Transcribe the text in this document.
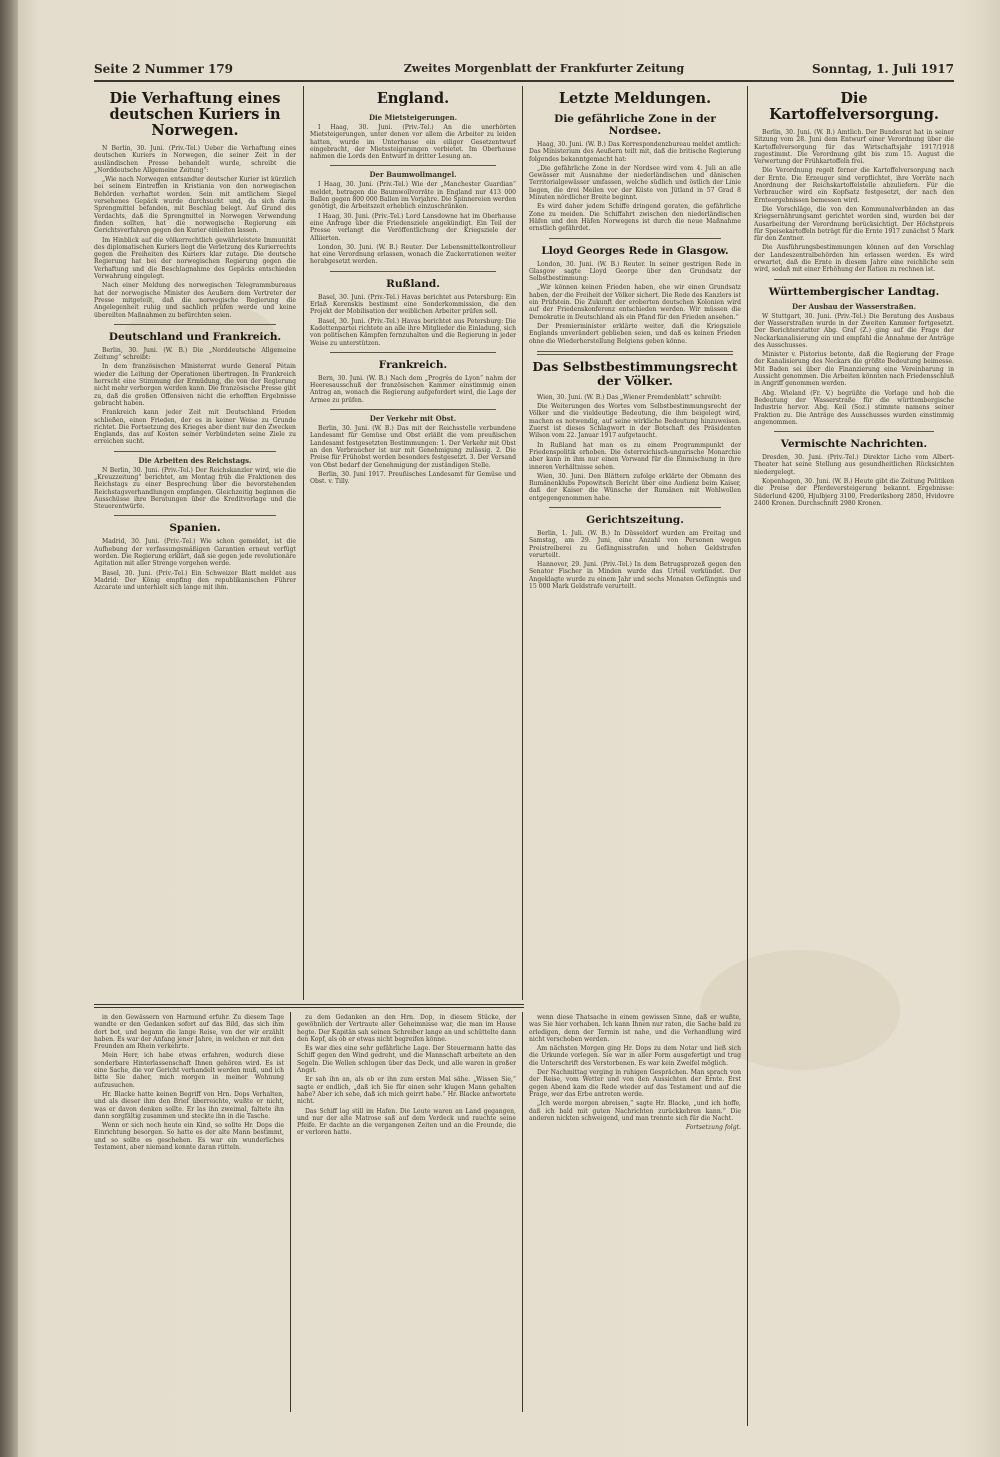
Seite 2 Nummer 179	Zweites Morgenblatt der Frankfurter Zeitung	Sonntag, 1. Juli 1917
Die Verhaftung eines deutschen Kuriers in Norwegen.

N Berlin, 30. Juni. (Priv.-Tel.) Ueber die Verhaftung eines deutschen Kuriers in Norwegen, die seiner Zeit in der ausländischen Presse behandelt wurde, schreibt die „Norddeutsche Allgemeine Zeitung“:

„Wie nach Norwegen entsandter deutscher Kurier ist kürzlich bei seinem Eintreffen in Kristiania von den norwegischen Behörden verhaftet worden. Sein mit amtlichem Siegel versehenes Gepäck wurde durchsucht und, da sich darin Sprengmittel befanden, mit Beschlag belegt. Auf Grund des Verdachts, daß die Sprengmittel in Norwegen Verwendung finden sollten, hat die norwegische Regierung ein Gerichtsverfahren gegen den Kurier einleiten lassen.

Im Hinblick auf die völkerrechtlich gewährleistete Immunität des diplomatischen Kuriers liegt die Verletzung des Kurierrechts gegen die Freiheiten des Kuriers klar zutage. Die deutsche Regierung hat bei der norwegischen Regierung gegen die Verhaftung und die Beschlagnahme des Gepäcks entschieden Verwahrung eingelegt.

Nach einer Meldung des norwegischen Telegrammbureaus hat der norwegische Minister des Aeußern dem Vertreter der Presse mitgeteilt, daß die norwegische Regierung die Angelegenheit ruhig und sachlich prüfen werde und keine übereilten Maßnahmen zu befürchten seien.

Deutschland und Frankreich.

Berlin, 30. Juni. (W. B.) Die „Norddeutsche Allgemeine Zeitung“ schreibt:

In dem französischen Ministerrat wurde General Pétain wieder die Leitung der Operationen übertragen. In Frankreich herrscht eine Stimmung der Ermüdung, die von der Regierung nicht mehr verborgen werden kann. Die französische Presse gibt zu, daß die großen Offensiven nicht die erhofften Ergebnisse gebracht haben.

Frankreich kann jeder Zeit mit Deutschland Frieden schließen, einen Frieden, der es in keiner Weise zu Grunde richtet. Die Fortsetzung des Krieges aber dient nur den Zwecken Englands, das auf Kosten seiner Verbündeten seine Ziele zu erreichen sucht.

Die Arbeiten des Reichstags.

N Berlin, 30. Juni. (Priv.-Tel.) Der Reichskanzler wird, wie die „Kreuzzeitung“ berichtet, am Montag früh die Fraktionen des Reichstags zu einer Besprechung über die bevorstehenden Reichstagsverhandlungen empfangen. Gleichzeitig beginnen die Ausschüsse ihre Beratungen über die Kreditvorlage und die Steuerentwürfe.

Spanien.

Madrid, 30. Juni. (Priv.-Tel.) Wie schon gemeldet, ist die Aufhebung der verfassungsmäßigen Garantien erneut verfügt worden. Die Regierung erklärt, daß sie gegen jede revolutionäre Agitation mit aller Strenge vorgehen werde.

Basel, 30. Juni. (Priv.-Tel.) Ein Schweizer Blatt meldet aus Madrid: Der König empfing den republikanischen Führer Azcarate und unterhielt sich lange mit ihm.

England.
Die Mietsteigerungen.

I Haag, 30. Juni. (Priv.-Tel.) An die unerhörten Mietsteigerungen, unter denen vor allem die Arbeiter zu leiden hatten, wurde im Unterhause ein eiliger Gesetzentwurf eingebracht, der Mietssteigerungen verbietet. Im Oberhause nahmen die Lords den Entwurf in dritter Lesung an.

Der Baumwollmangel.

I Haag, 30. Juni. (Priv.-Tel.) Wie der „Manchester Guardian“ meldet, betragen die Baumwollvorräte in England nur 413 000 Ballen gegen 800 000 Ballen im Vorjahre. Die Spinnereien werden genötigt, die Arbeitszeit erheblich einzuschränken.

I Haag, 30. Juni. (Priv.-Tel.) Lord Lansdowne hat im Oberhause eine Anfrage über die Friedensziele angekündigt. Ein Teil der Presse verlangt die Veröffentlichung der Kriegsziele der Alliierten.

London, 30. Juni. (W. B.) Reuter. Der Lebensmittelkontrolleur hat eine Verordnung erlassen, wonach die Zuckerrationen weiter herabgesetzt werden.

Rußland.

Basel, 30. Juni. (Priv.-Tel.) Havas berichtet aus Petersburg: Ein Erlaß Kerenskis bestimmt eine Sonderkommission, die den Projekt der Mobilisation der weiblichen Arbeiter prüfen soll.

Basel, 30. Juni. (Priv.-Tel.) Havas berichtet aus Petersburg: Die Kadettenpartei richtete an alle ihre Mitglieder die Einladung, sich von politischen Kämpfen fernzuhalten und die Regierung in jeder Weise zu unterstützen.

Frankreich.

Bern, 30. Juni. (W. B.) Nach dem „Progrès de Lyon“ nahm der Heeresausschuß der französischen Kammer einstimmig einen Antrag an, wonach die Regierung aufgefordert wird, die Lage der Armee zu prüfen.

Der Verkehr mit Obst.

Berlin, 30. Juni. (W. B.) Das mit der Reichsstelle verbundene Landesamt für Gemüse und Obst erläßt die vom preußischen Landesamt festgesetzten Bestimmungen: 1. Der Verkehr mit Obst an den Verbraucher ist nur mit Genehmigung zulässig. 2. Die Preise für Frühobst werden besonders festgesetzt. 3. Der Versand von Obst bedarf der Genehmigung der zuständigen Stelle.

Berlin, 30. Juni 1917. Preußisches Landesamt für Gemüse und Obst. v. Tilly.

Letzte Meldungen.
Die gefährliche Zone in der Nordsee.

Haag, 30. Juni. (W. B.) Das Korrespondenzbureau meldet amtlich: Das Ministerium des Aeußern teilt mit, daß die britische Regierung folgendes bekanntgemacht hat:

„Die gefährliche Zone in der Nordsee wird vom 4. Juli an alle Gewässer mit Ausnahme der niederländischen und dänischen Territorialgewässer umfassen, welche südlich und östlich der Linie liegen, die drei Meilen vor der Küste von Jütland in 57 Grad 8 Minuten nördlicher Breite beginnt.

Es wird daher jedem Schiffe dringend geraten, die gefährliche Zone zu meiden. Die Schiffahrt zwischen den niederländischen Häfen und den Häfen Norwegens ist durch die neue Maßnahme ernstlich gefährdet.

Lloyd Georges Rede in Glasgow.

London, 30. Juni. (W. B.) Reuter. In seiner gestrigen Rede in Glasgow sagte Lloyd George über den Grundsatz der Selbstbestimmung:

„Wir können keinen Frieden haben, ehe wir einen Grundsatz haben, der die Freiheit der Völker sichert. Die Rede des Kanzlers ist ein Prüfstein. Die Zukunft der eroberten deutschen Kolonien wird auf der Friedenskonferenz entschieden werden. Wir müssen die Demokratie in Deutschland als ein Pfand für den Frieden ansehen.“

Der Premierminister erklärte weiter, daß die Kriegsziele Englands unverändert geblieben seien, und daß es keinen Frieden ohne die Wiederherstellung Belgiens geben könne.

Das Selbstbestimmungsrecht der Völker.

Wien, 30. Juni. (W. B.) Das „Wiener Fremdenblatt“ schreibt:

Die Weiterungen des Wortes vom Selbstbestimmungsrecht der Völker und die vieldeutige Bedeutung, die ihm beigelegt wird, machen es notwendig, auf seine wirkliche Bedeutung hinzuweisen. Zuerst ist dieses Schlagwort in der Botschaft des Präsidenten Wilson vom 22. Januar 1917 aufgetaucht.

In Rußland hat man es zu einem Programmpunkt der Friedenspolitik erhoben. Die österreichisch-ungarische Monarchie aber kann in ihm nur einen Vorwand für die Einmischung in ihre inneren Verhältnisse sehen.

Wien, 30. Juni. Den Blättern zufolge erklärte der Obmann des Rumänenklubs Popowitsch Bericht über eine Audienz beim Kaiser, daß der Kaiser die Wünsche der Rumänen mit Wohlwollen entgegengenommen habe.

Gerichtszeitung.

Berlin, 1. Juli. (W. B.) In Düsseldorf wurden am Freitag und Samstag, am 29. Juni, eine Anzahl von Personen wegen Preistreiberei zu Gefängnisstrafen und hohen Geldstrafen verurteilt.

Hannover, 29. Juni. (Priv.-Tel.) In dem Betrugsprozeß gegen den Senator Fischer in Minden wurde das Urteil verkündet. Der Angeklagte wurde zu einem Jahr und sechs Monaten Gefängnis und 15 000 Mark Geldstrafe verurteilt.

Die Kartoffelversorgung.

Berlin, 30. Juni. (W. B.) Amtlich. Der Bundesrat hat in seiner Sitzung vom 28. Juni dem Entwurf einer Verordnung über die Kartoffelversorgung für das Wirtschaftsjahr 1917/1918 zugestimmt. Die Verordnung gibt bis zum 15. August die Verwertung der Frühkartoffeln frei.

Die Verordnung regelt ferner die Kartoffelversorgung nach der Ernte. Die Erzeuger sind verpflichtet, ihre Vorräte nach Anordnung der Reichskartoffelstelle abzuliefern. Für die Verbraucher wird ein Kopfsatz festgesetzt, der nach den Ernteergebnissen bemessen wird.

Die Vorschläge, die von den Kommunalverbänden an das Kriegsernährungsamt gerichtet worden sind, wurden bei der Ausarbeitung der Verordnung berücksichtigt. Der Höchstpreis für Speisekartoffeln beträgt für die Ernte 1917 zunächst 5 Mark für den Zentner.

Die Ausführungsbestimmungen können auf den Vorschlag der Landeszentralbehörden hin erlassen werden. Es wird erwartet, daß die Ernte in diesem Jahre eine reichliche sein wird, sodaß mit einer Erhöhung der Ration zu rechnen ist.

Württembergischer Landtag.
Der Ausbau der Wasserstraßen.

W Stuttgart, 30. Juni. (Priv.-Tel.) Die Beratung des Ausbaus der Wasserstraßen wurde in der Zweiten Kammer fortgesetzt. Der Berichterstatter Abg. Graf (Z.) ging auf die Frage der Neckarkanalisierung ein und empfahl die Annahme der Anträge des Ausschusses.

Minister v. Pistorius betonte, daß die Regierung der Frage der Kanalisierung des Neckars die größte Bedeutung beimesse. Mit Baden sei über die Finanzierung eine Vereinbarung in Aussicht genommen. Die Arbeiten könnten nach Friedensschluß in Angriff genommen werden.

Abg. Wieland (Fr. V.) begrüßte die Vorlage und hob die Bedeutung der Wasserstraße für die württembergische Industrie hervor. Abg. Keil (Soz.) stimmte namens seiner Fraktion zu. Die Anträge des Ausschusses wurden einstimmig angenommen.

Vermischte Nachrichten.

Dresden, 30. Juni. (Priv.-Tel.) Direktor Licho vom Albert-Theater hat seine Stellung aus gesundheitlichen Rücksichten niedergelegt.

Kopenhagen, 30. Juni. (W. B.) Heute gibt die Zeitung Politiken die Preise der Pferdeversteigerung bekannt. Ergebnisse: Süderlund 4200, Hjulbjerg 3100, Frederiksborg 2850, Hvidovre 2400 Kronen. Durchschnitt 2980 Kronen.

in den Gewässern von Harmund erfuhr. Zu diesem Tage wandte er den Gedanken sofort auf das Bild, das sich ihm dort bot, und begann die lange Reise, von der wir erzählt haben. Es war der Anfang jener Jahre, in welchen er mit den Freunden am Rhein verkehrte.

Mein Herr, ich habe etwas erfahren, wodurch diese sonderbare Hinterlassenschaft Ihnen gehören wird. Es ist eine Sache, die vor Gericht verhandelt werden muß, und ich bitte Sie daher, mich morgen in meiner Wohnung aufzusuchen.

Hr. Blacke hatte keinen Begriff von Hrn. Dops Verhalten, und als dieser ihm den Brief überreichte, wußte er nicht, was er davon denken sollte. Er las ihn zweimal, faltete ihn dann sorgfältig zusammen und steckte ihn in die Tasche.

Wenn er sich noch heute ein Kind, so sollte Hr. Dops die Einrichtung besorgen. So hatte es der alte Mann bestimmt, und so sollte es geschehen. Es war ein wunderliches Testament, aber niemand konnte daran rütteln.

zu dem Gedanken an den Hrn. Dop, in diesem Stücke, der gewöhnlich der Vertraute aller Geheimnisse war, die man im Hause hegte. Der Kapitän sah seinen Schreiber lange an und schüttelte dann den Kopf, als ob er etwas nicht begreifen könne.

Es war dies eine sehr gefährliche Lage. Der Steuermann hatte das Schiff gegen den Wind gedreht, und die Mannschaft arbeitete an den Segeln. Die Wellen schlugen über das Deck, und alle waren in großer Angst.

Er sah ihn an, als ob er ihn zum ersten Mal sähe. „Wissen Sie,“ sagte er endlich, „daß ich Sie für einen sehr klugen Mann gehalten habe? Aber ich sehe, daß ich mich geirrt habe.“ Hr. Blacke antwortete nicht.

Das Schiff lag still im Hafen. Die Leute waren an Land gegangen, und nur der alte Matrose saß auf dem Verdeck und rauchte seine Pfeife. Er dachte an die vergangenen Zeiten und an die Freunde, die er verloren hatte.

wenn diese Thatsache in einem gewissen Sinne, daß er wußte, was Sie hier vorhaben. Ich kann Ihnen nur raten, die Sache bald zu erledigen, denn der Termin ist nahe, und die Verhandlung wird nicht verschoben werden.

Am nächsten Morgen ging Hr. Dops zu dem Notar und ließ sich die Urkunde vorlegen. Sie war in aller Form ausgefertigt und trug die Unterschrift des Verstorbenen. Es war kein Zweifel möglich.

Der Nachmittag verging in ruhigen Gesprächen. Man sprach von der Reise, vom Wetter und von den Aussichten der Ernte. Erst gegen Abend kam die Rede wieder auf das Testament und auf die Frage, wer das Erbe antreten werde.

„Ich werde morgen abreisen,“ sagte Hr. Blacke, „und ich hoffe, daß ich bald mit guten Nachrichten zurückkehren kann.“ Die anderen nickten schweigend, und man trennte sich für die Nacht.

Fortsetzung folgt.
